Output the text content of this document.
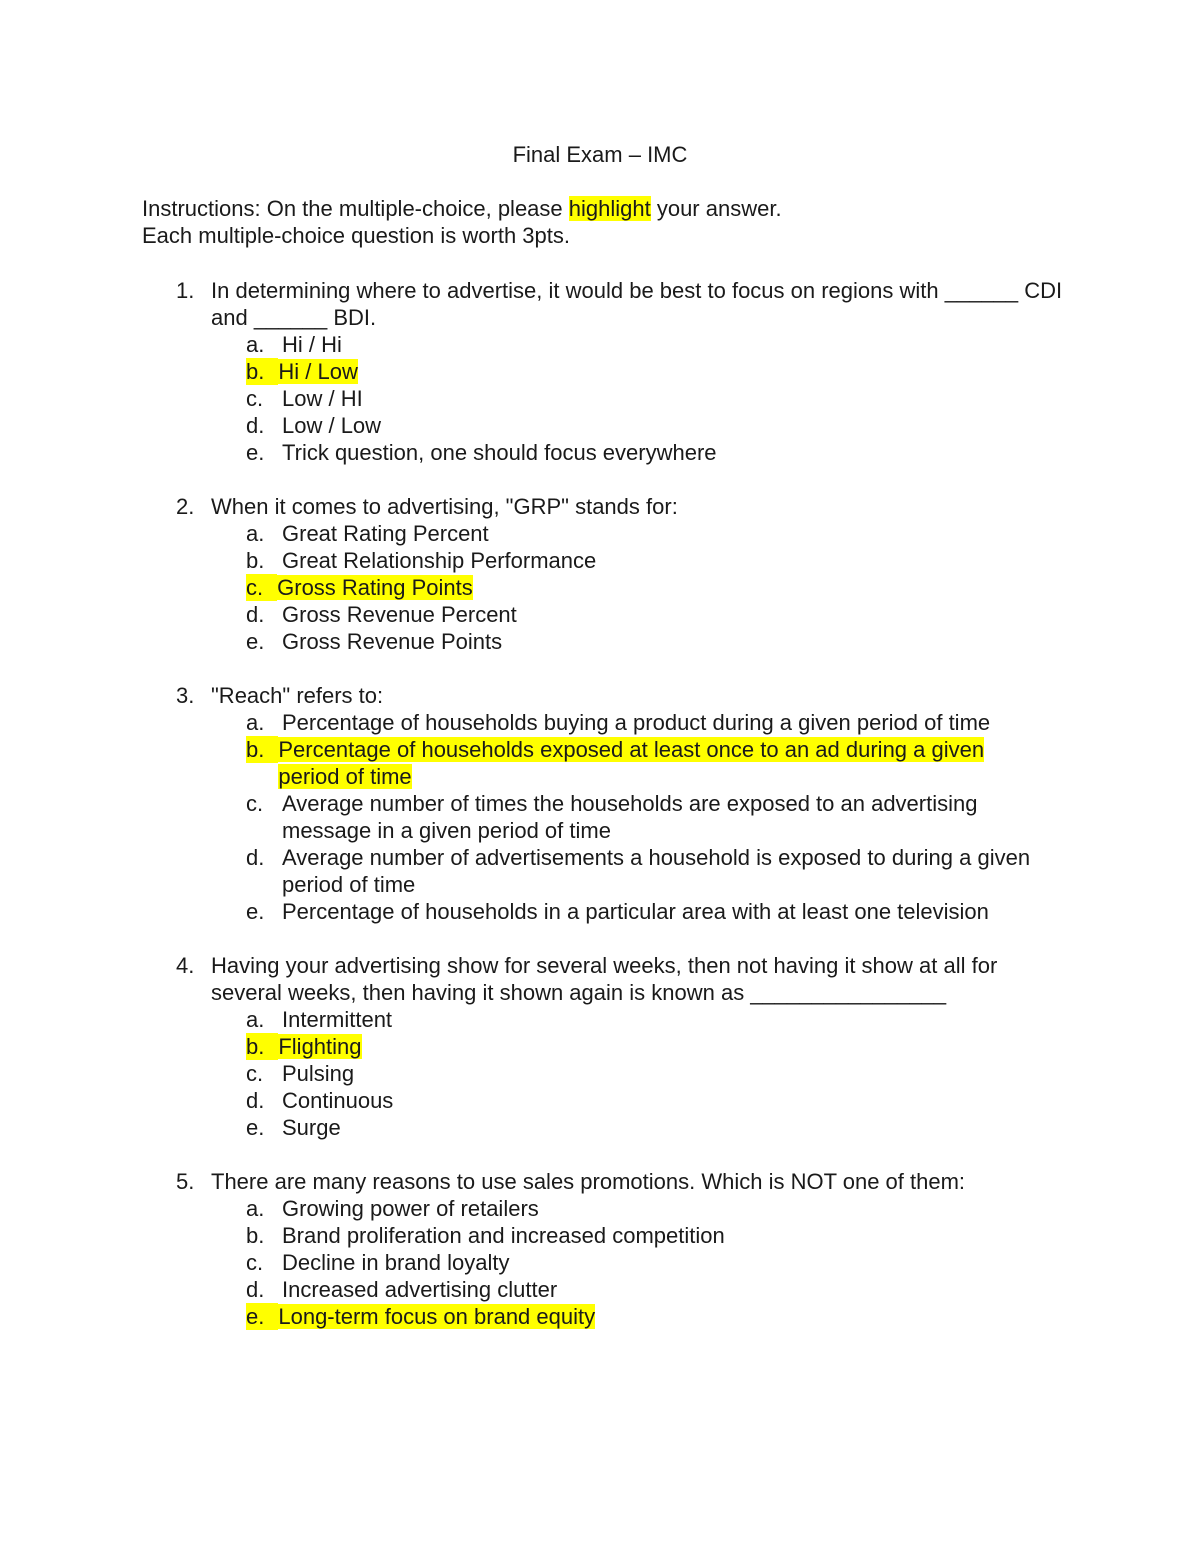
Final Exam – IMC
Instructions: On the multiple-choice, please highlight your answer.
Each multiple-choice question is worth 3pts.
1. In determining where to advertise, it would be best to focus on regions with ______ CDI and ______ BDI.
a. Hi / Hi
b. Hi / Low
c. Low / HI
d. Low / Low
e. Trick question, one should focus everywhere
2. When it comes to advertising, "GRP" stands for:
a. Great Rating Percent
b. Great Relationship Performance
c. Gross Rating Points
d. Gross Revenue Percent
e. Gross Revenue Points
3. "Reach" refers to:
a. Percentage of households buying a product during a given period of time
b. Percentage of households exposed at least once to an ad during a given period of time
c. Average number of times the households are exposed to an advertising message in a given period of time
d. Average number of advertisements a household is exposed to during a given period of time
e. Percentage of households in a particular area with at least one television
4. Having your advertising show for several weeks, then not having it show at all for several weeks, then having it shown again is known as ________________
a. Intermittent
b. Flighting
c. Pulsing
d. Continuous
e. Surge
5. There are many reasons to use sales promotions. Which is NOT one of them:
a. Growing power of retailers
b. Brand proliferation and increased competition
c. Decline in brand loyalty
d. Increased advertising clutter
e. Long-term focus on brand equity
